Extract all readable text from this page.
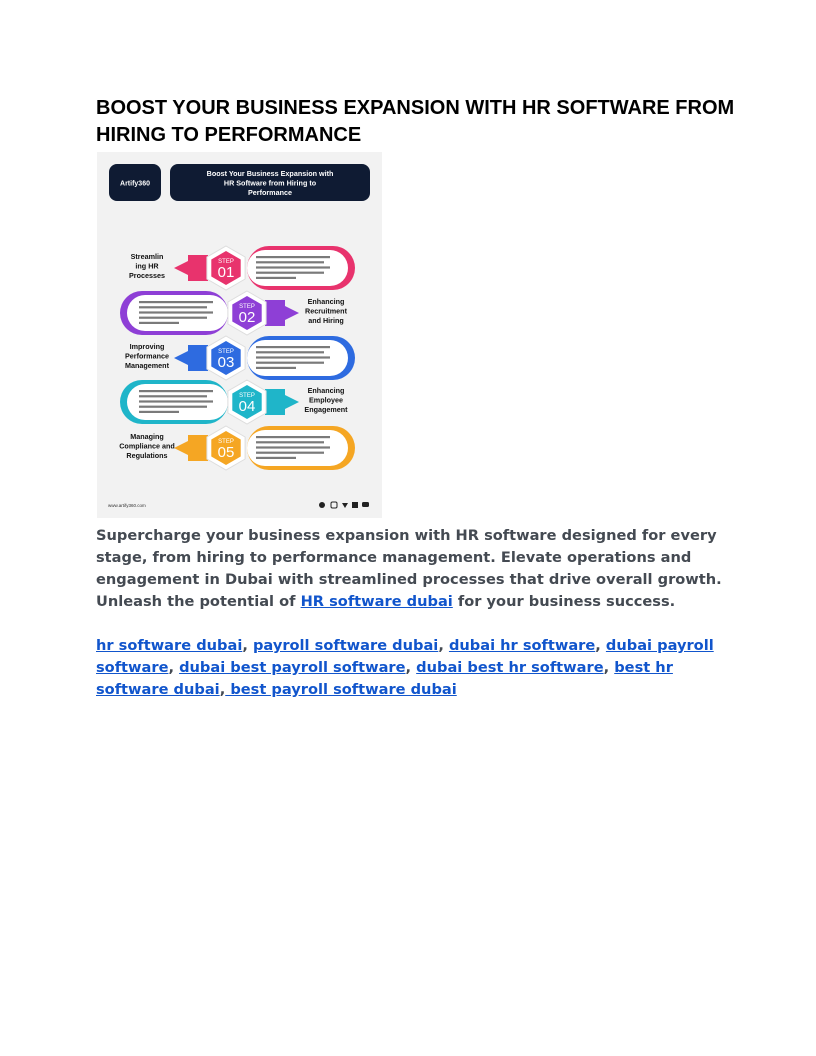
BOOST YOUR BUSINESS EXPANSION WITH HR SOFTWARE FROM HIRING TO PERFORMANCE
Artify360
Boost Your Business Expansion with
HR Software from Hiring to
Performance
STEP
01
Streamlin
ing HR
Processes
STEP
02
Enhancing
Recruitment
and Hiring
STEP
03
Improving
Performance
Management
STEP
04
Enhancing
Employee
Engagement
STEP
05
Managing
Compliance and
Regulations
www.artify360.com

Supercharge your business expansion with HR software designed for every stage, from hiring to performance management. Elevate operations and engagement in Dubai with streamlined processes that drive overall growth. Unleash the potential of HR software dubai for your business success.

hr software dubai, payroll software dubai, dubai hr software, dubai payroll software, dubai best payroll software, dubai best hr software, best hr software dubai, best payroll software dubai
